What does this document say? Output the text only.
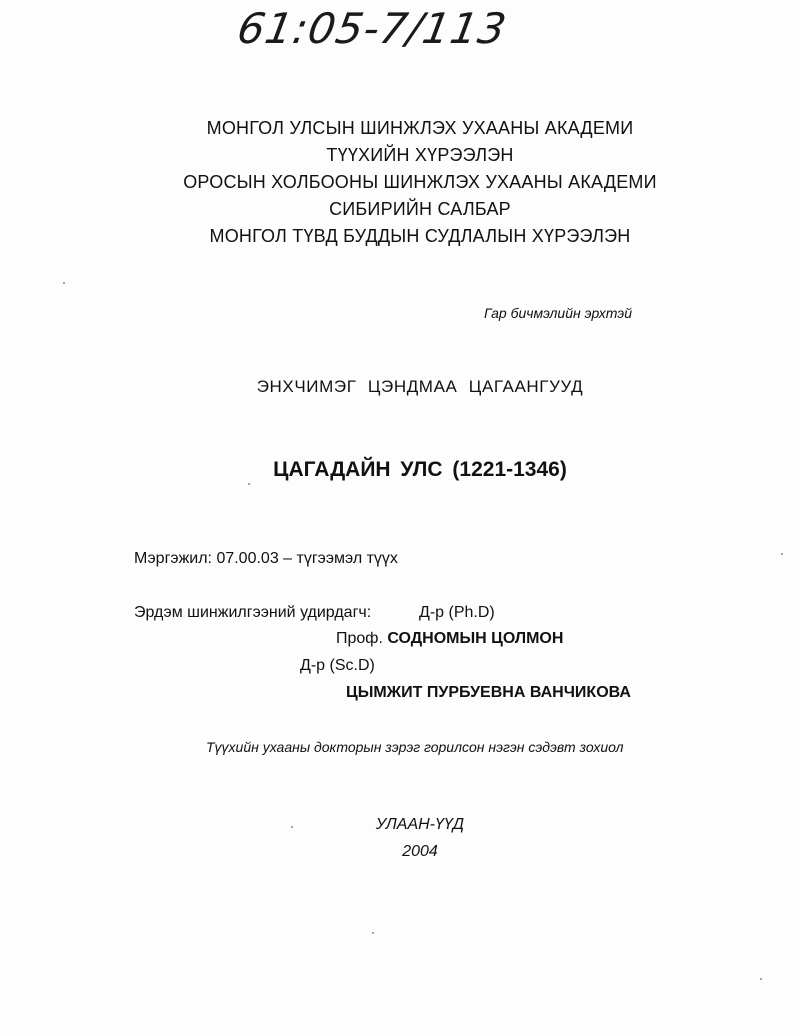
61:05-7/113
МОНГОЛ УЛСЫН ШИНЖЛЭХ УХААНЫ АКАДЕМИ
ТҮҮХИЙН ХҮРЭЭЛЭН
ОРОСЫН ХОЛБООНЫ ШИНЖЛЭХ УХААНЫ АКАДЕМИ
СИБИРИЙН САЛБАР
МОНГОЛ ТҮВД БУДДЫН СУДЛАЛЫН ХҮРЭЭЛЭН
Гар бичмэлийн эрхтэй
ЭНХЧИМЭГ ЦЭНДМАА ЦАГААНГУУД
ЦАГАДАЙН УЛС (1221-1346)
Мэргэжил: 07.00.03 – түгээмэл түүх
Эрдэм шинжилгээний удирдагч:	Д-р (Ph.D)
Проф. СОДНОМЫН ЦОЛМОН
Д-р (Sc.D)
ЦЫМЖИТ ПУРБУЕВНА ВАНЧИКОВА
Түүхийн ухааны докторын зэрэг горилсон нэгэн сэдэвт зохиол
УЛААН-ҮҮД
2004
